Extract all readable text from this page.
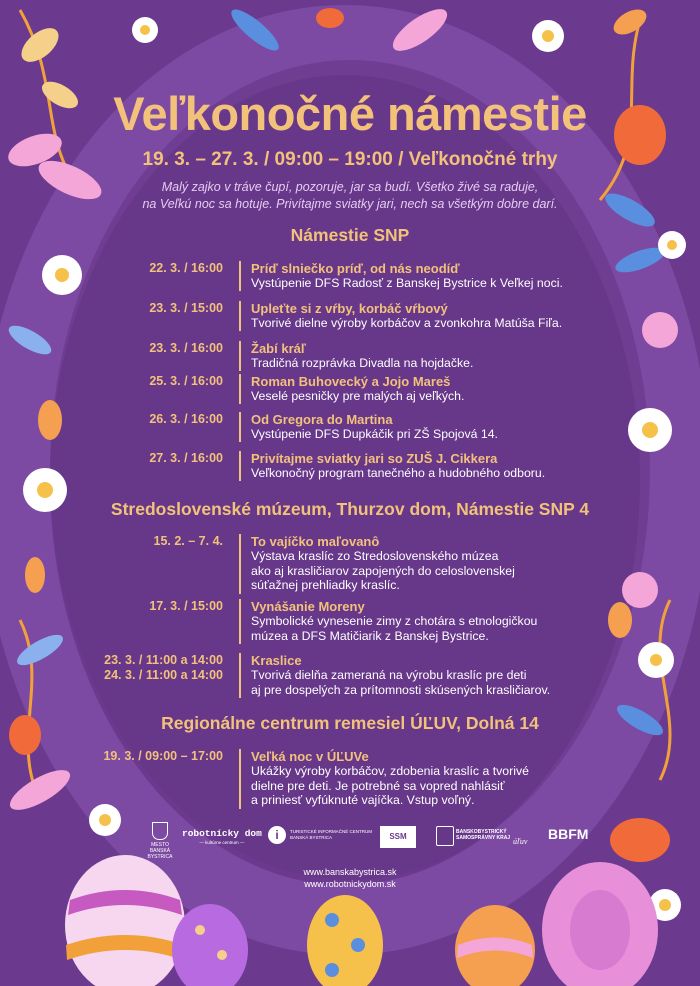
Veľkonočné námestie
19. 3. – 27. 3. / 09:00 – 19:00 / Veľkonočné trhy
Malý zajko v tráve čupí, pozoruje, jar sa budí. Všetko živé sa raduje,
na Veľkú noc sa hotuje. Privítajme sviatky jari, nech sa všetkým dobre darí.
Námestie SNP
22. 3. / 16:00 Príď slniečko príď, od nás neodíď
Vystúpenie DFS Radosť z Banskej Bystrice k Veľkej noci.
23. 3. / 15:00 Upleťte si z vŕby, korbáč vŕbový
Tvorivé dielne výroby korbáčov a zvonkohra Matúša Fiľa.
23. 3. / 16:00 Žabí kráľ
Tradičná rozprávka Divadla na hojdačke.
25. 3. / 16:00 Roman Buhovecký a Jojo Mareš
Veselé pesničky pre malých aj veľkých.
26. 3. / 16:00 Od Gregora do Martina
Vystúpenie DFS Dupkáčik pri ZŠ Spojová 14.
27. 3. / 16:00 Privítajme sviatky jari so ZUŠ J. Cikkera
Veľkonočný program tanečného a hudobného odboru.
Stredoslovenské múzeum, Thurzov dom, Námestie SNP 4
15. 2. – 7. 4. To vajíčko maľovanô
Výstava kraslíc zo Stredoslovenského múzea
ako aj krasličiarov zapojených do celoslovenskej
súťažnej prehliadky kraslíc.
17. 3. / 15:00 Vynášanie Moreny
Symbolické vynesenie zimy z chotára s etnologičkou
múzea a DFS Matičiarik z Banskej Bystrice.
23. 3. / 11:00 a 14:00
24. 3. / 11:00 a 14:00
Kraslice
Tvorivá dielňa zameraná na výrobu kraslíc pre deti
aj pre dospelých za prítomnosti skúsených krasličiarov.
Regionálne centrum remesiel ÚĽUV, Dolná 14
19. 3. / 09:00 – 17:00 Veľká noc v ÚĽUVe
Ukážky výroby korbáčov, zdobenia kraslíc a tvorivé
dielne pre deti. Je potrebné sa vopred nahlásiť
a priniesť vyfúknuté vajíčka. Vstup voľný.
MESTO
BANSKÁ BYSTRICA
robotnícky dom
— kultúrne centrum —
i	TURISTICKÉ INFORMAČNÉ CENTRUM
BANSKÁ BYSTRICA	SSM	BANSKOBYSTRICKÝ
SAMOSPRÁVNY KRAJ úľuv BBFM
www.banskabystrica.sk
www.robotnickydom.sk
